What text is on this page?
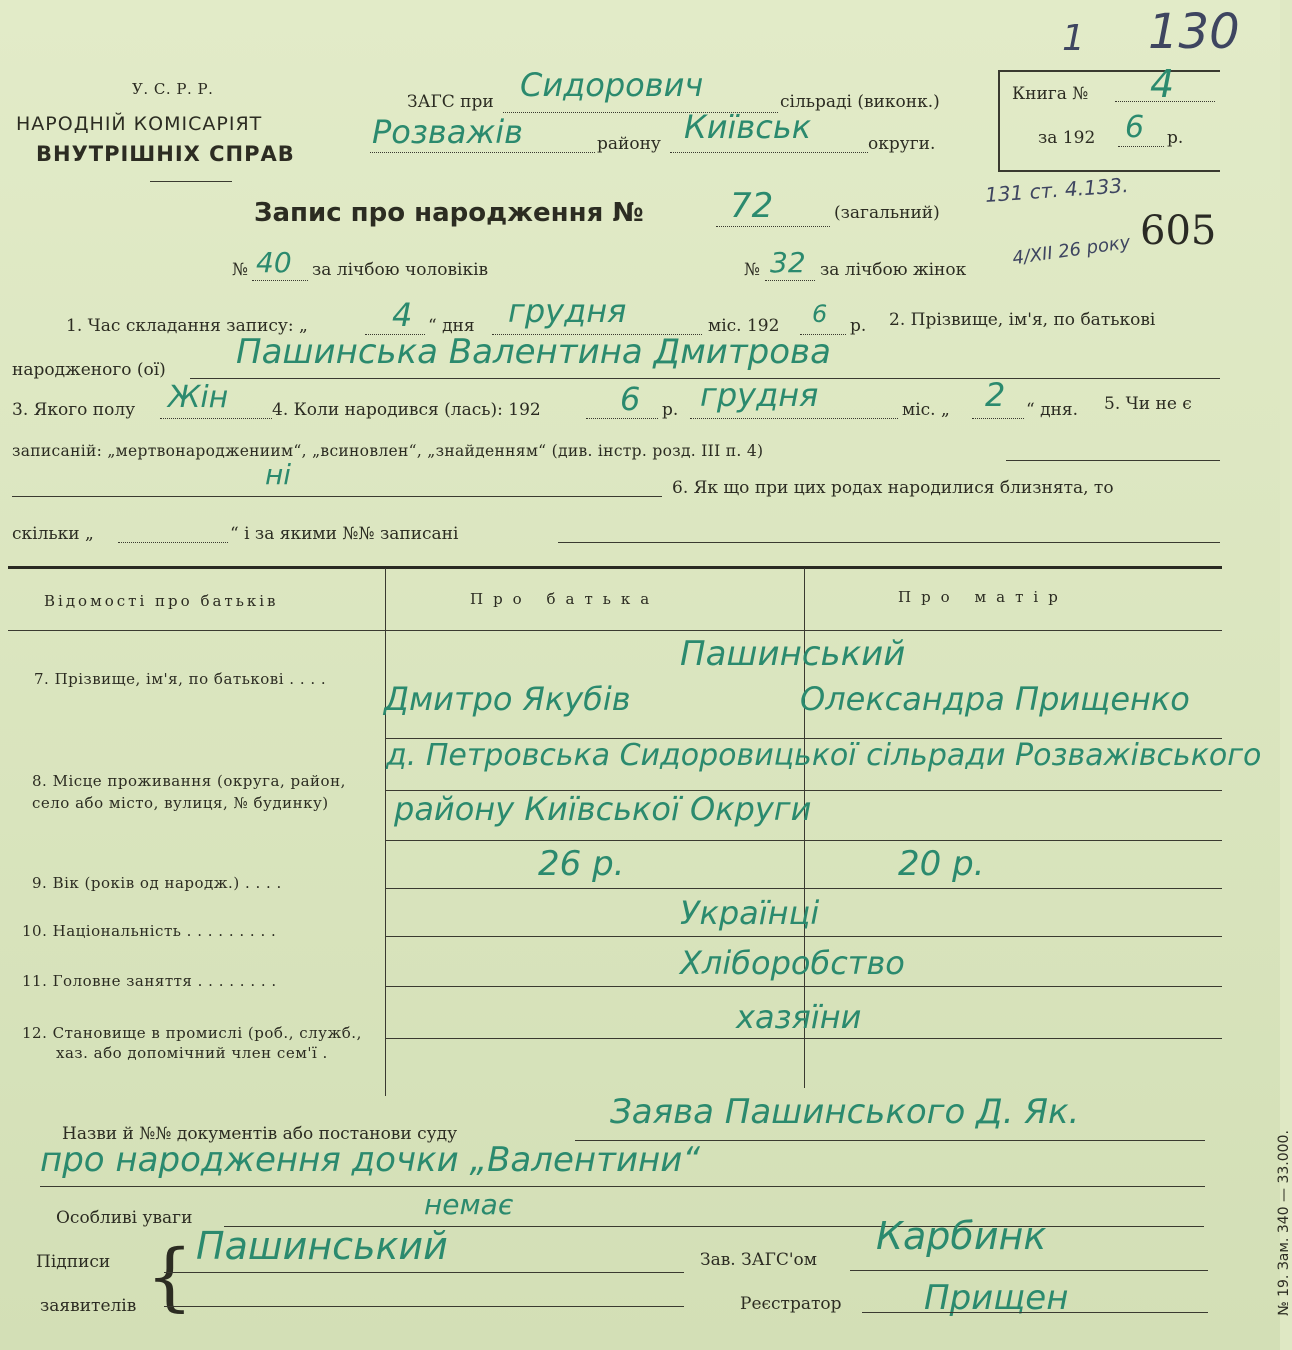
1 130
605
У. С. Р. Р.
НАРОДНІЙ КОМІСАРІЯТ
ВНУТРІШНІХ СПРАВ
ЗАГС при Сидорович	сільраді (виконк.)
Розважів	району Київськ	округи.
Книга № 4
за 192 6 р.
131 ст. 4.133.
4/XII 26 року
Запис про народження №	72	(загальний)
№ 40 за лічбою чоловіків	№ 32 за лічбою жінок
1. Час складання запису: „	4 “ дня грудня	міс. 192 6 р. 2. Прізвище, ім'я, по батькові
народженого (ої) Пашинська Валентина Дмитрова
3. Якого полу Жін	4. Коли народився (лась): 192 6 р. грудня	міс. „ 2 “ дня. 5. Чи не є
записаній: „мертвонароджениим“, „всиновлен“, „знайденням“ (див. інстр. розд. III п. 4)
ні	6. Як що при цих родах народилися близнята, то
скільки „	“ і за якими №№ записані
Відомості про батьків	Про батька	Про матір
7. Прізвище, ім'я, по батькові . . . .
Пашинський
Дмитро Якубів	Олександра Прищенко
8. Місце проживання (округа, район,
село або місто, вулиця, № будинку)
д. Петровська Сидоровицької сільради Розважівського
району Київської Округи
9. Вік (років од народж.) . . . .	26 р.	20 р.
10. Національність . . . . . . . . .	Українці
11. Головне заняття . . . . . . . .	Хліборобство
12. Становище в промислі (роб., служб.,
хаз. або допомічний член сем'ї .
хазяїни
Назви й №№ документів або постанови суду
Заява Пашинського Д. Як.
про народження дочки „Валентини“
Особливі уваги	немає
Підписи
заявителів { Пашинський	Зав. ЗАГС'ом
Карбинк
Реєстратор Прищен	№ 19. Зам. 340 — 33.000.
